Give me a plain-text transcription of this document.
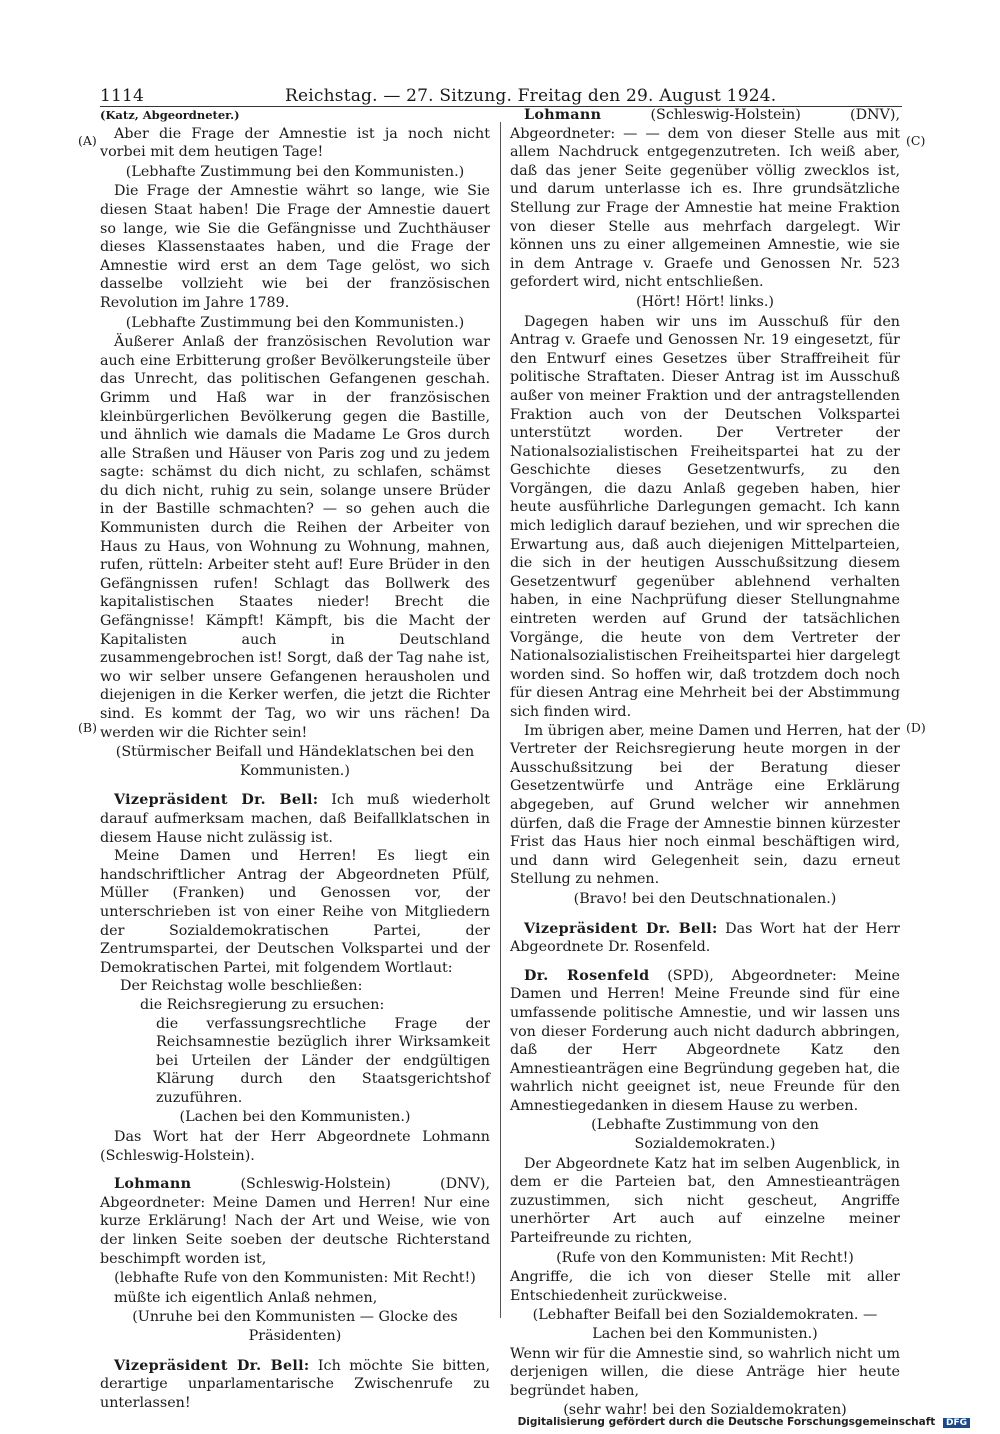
1114	Reichstag. — 27. Sitzung. Freitag den 29. August 1924.
(A)
(B)
(C)
(D)

(Katz, Abgeordneter.)

Aber die Frage der Amnestie ist ja noch nicht vorbei mit dem heutigen Tage!

(Lebhafte Zustimmung bei den Kommunisten.)

Die Frage der Amnestie währt so lange, wie Sie diesen Staat haben! Die Frage der Amnestie dauert so lange, wie Sie die Gefängnisse und Zuchthäuser dieses Klassenstaates haben, und die Frage der Amnestie wird erst an dem Tage gelöst, wo sich dasselbe vollzieht wie bei der französischen Revolution im Jahre 1789.

(Lebhafte Zustimmung bei den Kommunisten.)

Äußerer Anlaß der französischen Revolution war auch eine Erbitterung großer Bevölkerungsteile über das Unrecht, das politischen Gefangenen geschah. Grimm und Haß war in der französischen kleinbürgerlichen Bevölkerung gegen die Bastille, und ähnlich wie damals die Madame Le Gros durch alle Straßen und Häuser von Paris zog und zu jedem sagte: schämst du dich nicht, zu schlafen, schämst du dich nicht, ruhig zu sein, solange unsere Brüder in der Bastille schmachten? — so gehen auch die Kommunisten durch die Reihen der Arbeiter von Haus zu Haus, von Wohnung zu Wohnung, mahnen, rufen, rütteln: Arbeiter steht auf! Eure Brüder in den Gefängnissen rufen! Schlagt das Bollwerk des kapitalistischen Staates nieder! Brecht die Gefängnisse! Kämpft! Kämpft, bis die Macht der Kapitalisten auch in Deutschland zusammengebrochen ist! Sorgt, daß der Tag nahe ist, wo wir selber unsere Gefangenen herausholen und diejenigen in die Kerker werfen, die jetzt die Richter sind. Es kommt der Tag, wo wir uns rächen! Da werden wir die Richter sein!

(Stürmischer Beifall und Händeklatschen bei den Kommunisten.)

Vizepräsident Dr. Bell: Ich muß wiederholt darauf aufmerksam machen, daß Beifallklatschen in diesem Hause nicht zulässig ist.

Meine Damen und Herren! Es liegt ein handschriftlicher Antrag der Abgeordneten Pfülf, Müller (Franken) und Genossen vor, der unterschrieben ist von einer Reihe von Mitgliedern der Sozialdemokratischen Partei, der Zentrumspartei, der Deutschen Volkspartei und der Demokratischen Partei, mit folgendem Wortlaut:

Der Reichstag wolle beschließen:

die Reichsregierung zu ersuchen:

die verfassungsrechtliche Frage der Reichsamnestie bezüglich ihrer Wirksamkeit bei Urteilen der Länder der endgültigen Klärung durch den Staatsgerichtshof zuzuführen.

(Lachen bei den Kommunisten.)

Das Wort hat der Herr Abgeordnete Lohmann (Schleswig-Holstein).

Lohmann (Schleswig-Holstein) (DNV), Abgeordneter: Meine Damen und Herren! Nur eine kurze Erklärung! Nach der Art und Weise, wie von der linken Seite soeben der deutsche Richterstand beschimpft worden ist,

(lebhafte Rufe von den Kommunisten: Mit Recht!)

müßte ich eigentlich Anlaß nehmen,

(Unruhe bei den Kommunisten — Glocke des Präsidenten)

Vizepräsident Dr. Bell: Ich möchte Sie bitten, derartige unparlamentarische Zwischenrufe zu unterlassen!

Lohmann (Schleswig-Holstein) (DNV), Abgeordneter: — — dem von dieser Stelle aus mit allem Nachdruck entgegenzutreten. Ich weiß aber, daß das jener Seite gegenüber völlig zwecklos ist, und darum unterlasse ich es. Ihre grundsätzliche Stellung zur Frage der Amnestie hat meine Fraktion von dieser Stelle aus mehrfach dargelegt. Wir können uns zu einer allgemeinen Amnestie, wie sie in dem Antrage v. Graefe und Genossen Nr. 523 gefordert wird, nicht entschließen.

(Hört! Hört! links.)

Dagegen haben wir uns im Ausschuß für den Antrag v. Graefe und Genossen Nr. 19 eingesetzt, für den Entwurf eines Gesetzes über Straffreiheit für politische Straftaten. Dieser Antrag ist im Ausschuß außer von meiner Fraktion und der antragstellenden Fraktion auch von der Deutschen Volkspartei unterstützt worden. Der Vertreter der Nationalsozialistischen Freiheitspartei hat zu der Geschichte dieses Gesetzentwurfs, zu den Vorgängen, die dazu Anlaß gegeben haben, hier heute ausführliche Darlegungen gemacht. Ich kann mich lediglich darauf beziehen, und wir sprechen die Erwartung aus, daß auch diejenigen Mittelparteien, die sich in der heutigen Ausschußsitzung diesem Gesetzentwurf gegenüber ablehnend verhalten haben, in eine Nachprüfung dieser Stellungnahme eintreten werden auf Grund der tatsächlichen Vorgänge, die heute von dem Vertreter der Nationalsozialistischen Freiheitspartei hier dargelegt worden sind. So hoffen wir, daß trotzdem doch noch für diesen Antrag eine Mehrheit bei der Abstimmung sich finden wird.

Im übrigen aber, meine Damen und Herren, hat der Vertreter der Reichsregierung heute morgen in der Ausschußsitzung bei der Beratung dieser Gesetzentwürfe und Anträge eine Erklärung abgegeben, auf Grund welcher wir annehmen dürfen, daß die Frage der Amnestie binnen kürzester Frist das Haus hier noch einmal beschäftigen wird, und dann wird Gelegenheit sein, dazu erneut Stellung zu nehmen.

(Bravo! bei den Deutschnationalen.)

Vizepräsident Dr. Bell: Das Wort hat der Herr Abgeordnete Dr. Rosenfeld.

Dr. Rosenfeld (SPD), Abgeordneter: Meine Damen und Herren! Meine Freunde sind für eine umfassende politische Amnestie, und wir lassen uns von dieser Forderung auch nicht dadurch abbringen, daß der Herr Abgeordnete Katz den Amnestieanträgen eine Begründung gegeben hat, die wahrlich nicht geeignet ist, neue Freunde für den Amnestiegedanken in diesem Hause zu werben.

(Lebhafte Zustimmung von den Sozialdemokraten.)

Der Abgeordnete Katz hat im selben Augenblick, in dem er die Parteien bat, den Amnestieanträgen zuzustimmen, sich nicht gescheut, Angriffe unerhörter Art auch auf einzelne meiner Parteifreunde zu richten,

(Rufe von den Kommunisten: Mit Recht!)

Angriffe, die ich von dieser Stelle mit aller Entschiedenheit zurückweise.

(Lebhafter Beifall bei den Sozialdemokraten. — Lachen bei den Kommunisten.)

Wenn wir für die Amnestie sind, so wahrlich nicht um derjenigen willen, die diese Anträge hier heute begründet haben,

(sehr wahr! bei den Sozialdemokraten)

Digitalisierung gefördert durch die Deutsche Forschungsgemeinschaft DFG
